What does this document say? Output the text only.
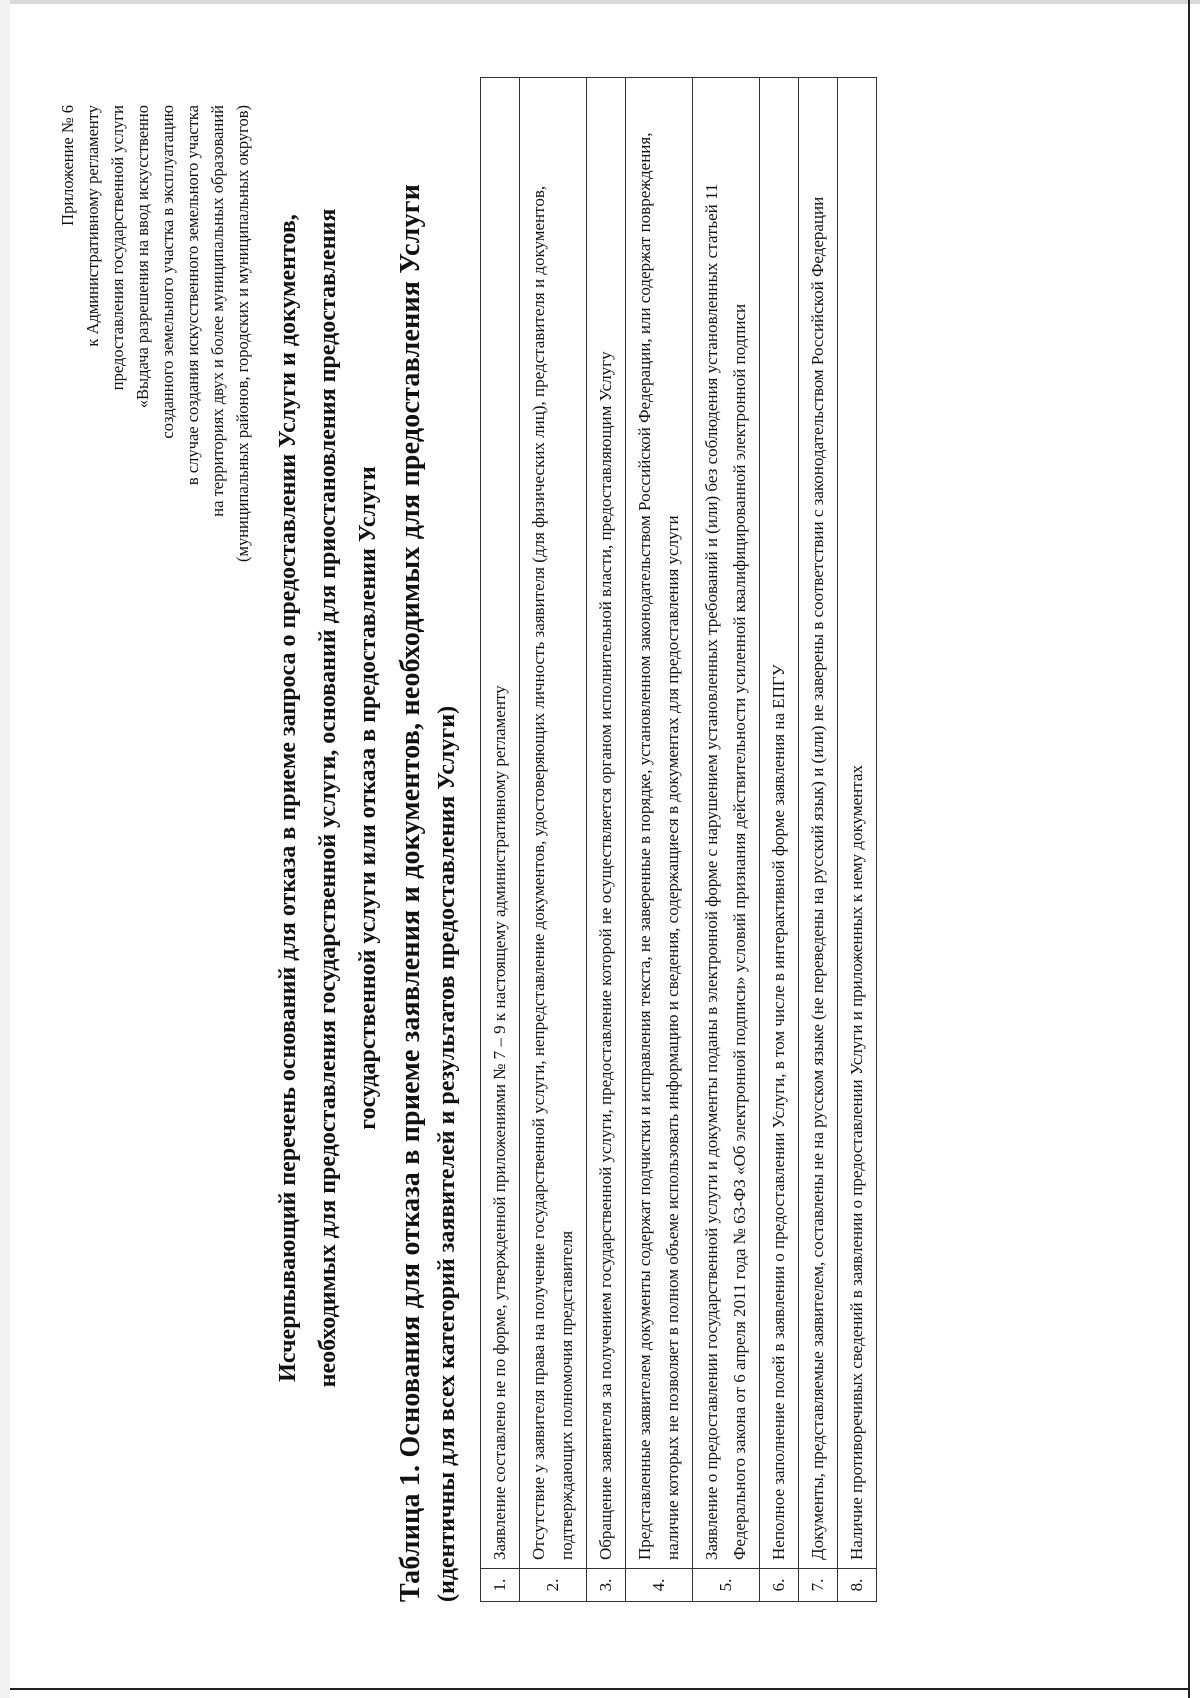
Приложение № 6 к Административному регламенту предоставления государственной услуги «Выдача разрешения на ввод искусственно созданного земельного участка в эксплуатацию в случае создания искусственного земельного участка на территориях двух и более муниципальных образований (муниципальных районов, городских и муниципальных округов) Исчерпывающий перечень оснований для отказа в приеме запроса о предоставлении Услуги и документов, необходимых для предоставления государственной услуги, оснований для приостановления предоставления государственной услуги или отказа в предоставлении Услуги Таблица 1. Основания для отказа в приеме заявления и документов, необходимых для предоставления Услуги (идентичны для всех категорий заявителей и результатов предоставления Услуги) 1.	Заявление составлено не по форме, утвержденной приложениями № 7 – 9 к настоящему административному регламенту
2.	Отсутствие у заявителя права на получение государственной услуги, непредставление документов, удостоверяющих личность заявителя (для физических лиц), представителя и документов, подтверждающих полномочия представителя
3.	Обращение заявителя за получением государственной услуги, предоставление которой не осуществляется органом исполнительной власти, предоставляющим Услугу
4.	Представленные заявителем документы содержат подчистки и исправления текста, не заверенные в порядке, установленном законодательством Российской Федерации, или содержат повреждения, наличие которых не позволяет в полном объеме использовать информацию и сведения, содержащиеся в документах для предоставления услуги
5.	Заявление о предоставлении государственной услуги и документы поданы в электронной форме с нарушением установленных требований и (или) без соблюдения установленных статьей 11 Федерального закона от 6 апреля 2011 года № 63-ФЗ «Об электронной подписи» условий признания действительности усиленной квалифицированной электронной подписи
6.	Неполное заполнение полей в заявлении о предоставлении Услуги, в том числе в интерактивной форме заявления на ЕПГУ
7.	Документы, представляемые заявителем, составлены не на русском языке (не переведены на русский язык) и (или) не заверены в соответствии с законодательством Российской Федерации
8.	Наличие противоречивых сведений в заявлении о предоставлении Услуги и приложенных к нему документах
